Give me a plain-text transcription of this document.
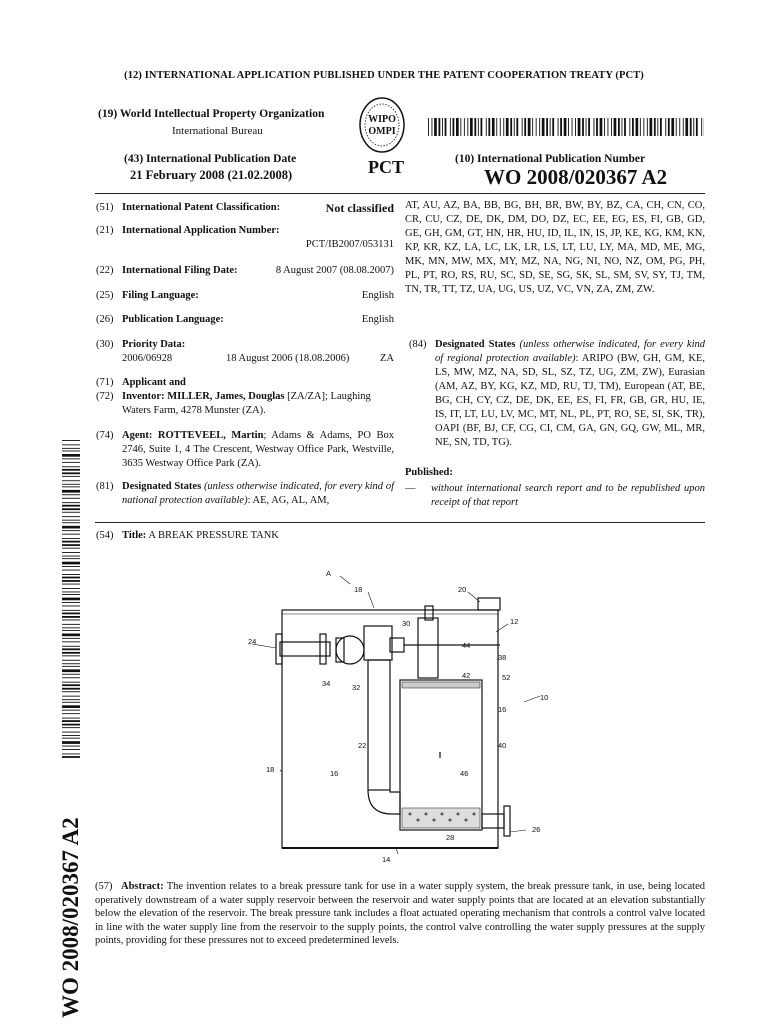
(12) INTERNATIONAL APPLICATION PUBLISHED UNDER THE PATENT COOPERATION TREATY (PCT)
(19) World Intellectual Property Organization
International Bureau
WIPO
OMPI
(43) International Publication Date
21 February 2008 (21.02.2008)	PCT	(10) International Publication Number
WO 2008/020367 A2
(51) International Patent Classification:	Not classified
(21) International Application Number:
PCT/IB2007/053131
(22) International Filing Date:	8 August 2007 (08.08.2007)
(25) Filing Language:	English
(26) Publication Language:	English
(30) Priority Data:
2006/06928	18 August 2006 (18.08.2006)	ZA
(71) Applicant and
(72) Inventor: MILLER, James, Douglas [ZA/ZA]; Laughing Waters Farm, 4278 Munster (ZA).
(74) Agent: ROTTEVEEL, Martin; Adams & Adams, PO Box 2746, Suite 1, 4 The Crescent, Westway Office Park, Westville, 3635 Westway Office Park (ZA).
(81) Designated States (unless otherwise indicated, for every kind of national protection available): AE, AG, AL, AM,
AT, AU, AZ, BA, BB, BG, BH, BR, BW, BY, BZ, CA, CH, CN, CO, CR, CU, CZ, DE, DK, DM, DO, DZ, EC, EE, EG, ES, FI, GB, GD, GE, GH, GM, GT, HN, HR, HU, ID, IL, IN, IS, JP, KE, KG, KM, KN, KP, KR, KZ, LA, LC, LK, LR, LS, LT, LU, LY, MA, MD, ME, MG, MK, MN, MW, MX, MY, MZ, NA, NG, NI, NO, NZ, OM, PG, PH, PL, PT, RO, RS, RU, SC, SD, SE, SG, SK, SL, SM, SV, SY, TJ, TM, TN, TR, TT, TZ, UA, UG, US, UZ, VC, VN, ZA, ZM, ZW.
(84) Designated States (unless otherwise indicated, for every kind of regional protection available): ARIPO (BW, GH, GM, KE, LS, MW, MZ, NA, SD, SL, SZ, TZ, UG, ZM, ZW), Eurasian (AM, AZ, BY, KG, KZ, MD, RU, TJ, TM), European (AT, BE, BG, CH, CY, CZ, DE, DK, EE, ES, FI, FR, GB, GR, HU, IE, IS, IT, LT, LU, LV, MC, MT, NL, PL, PT, RO, SE, SI, SK, TR), OAPI (BF, BJ, CF, CG, CI, CM, GA, GN, GQ, GW, ML, MR, NE, SN, TD, TG).
Published:
—	without international search report and to be republished upon receipt of that report
(54) Title: A BREAK PRESSURE TANK
A
18	20
12
24
30
44
38
34	32
42	52
10
16
22	40
18	16	46
28
26
14
(57) Abstract: The invention relates to a break pressure tank for use in a water supply system, the break pressure tank, in use, being located operatively downstream of a water supply reservoir between the reservoir and water supply points that are located at an elevation substantially below the elevation of the reservoir. The break pressure tank includes a float actuated operating mechanism that controls a control valve located in line with the water supply line from the reservoir to the supply points, the control valve controlling the water supply pressures at the supply points, providing for these pressures not to exceed predetermined levels.
WO 2008/020367 A2
